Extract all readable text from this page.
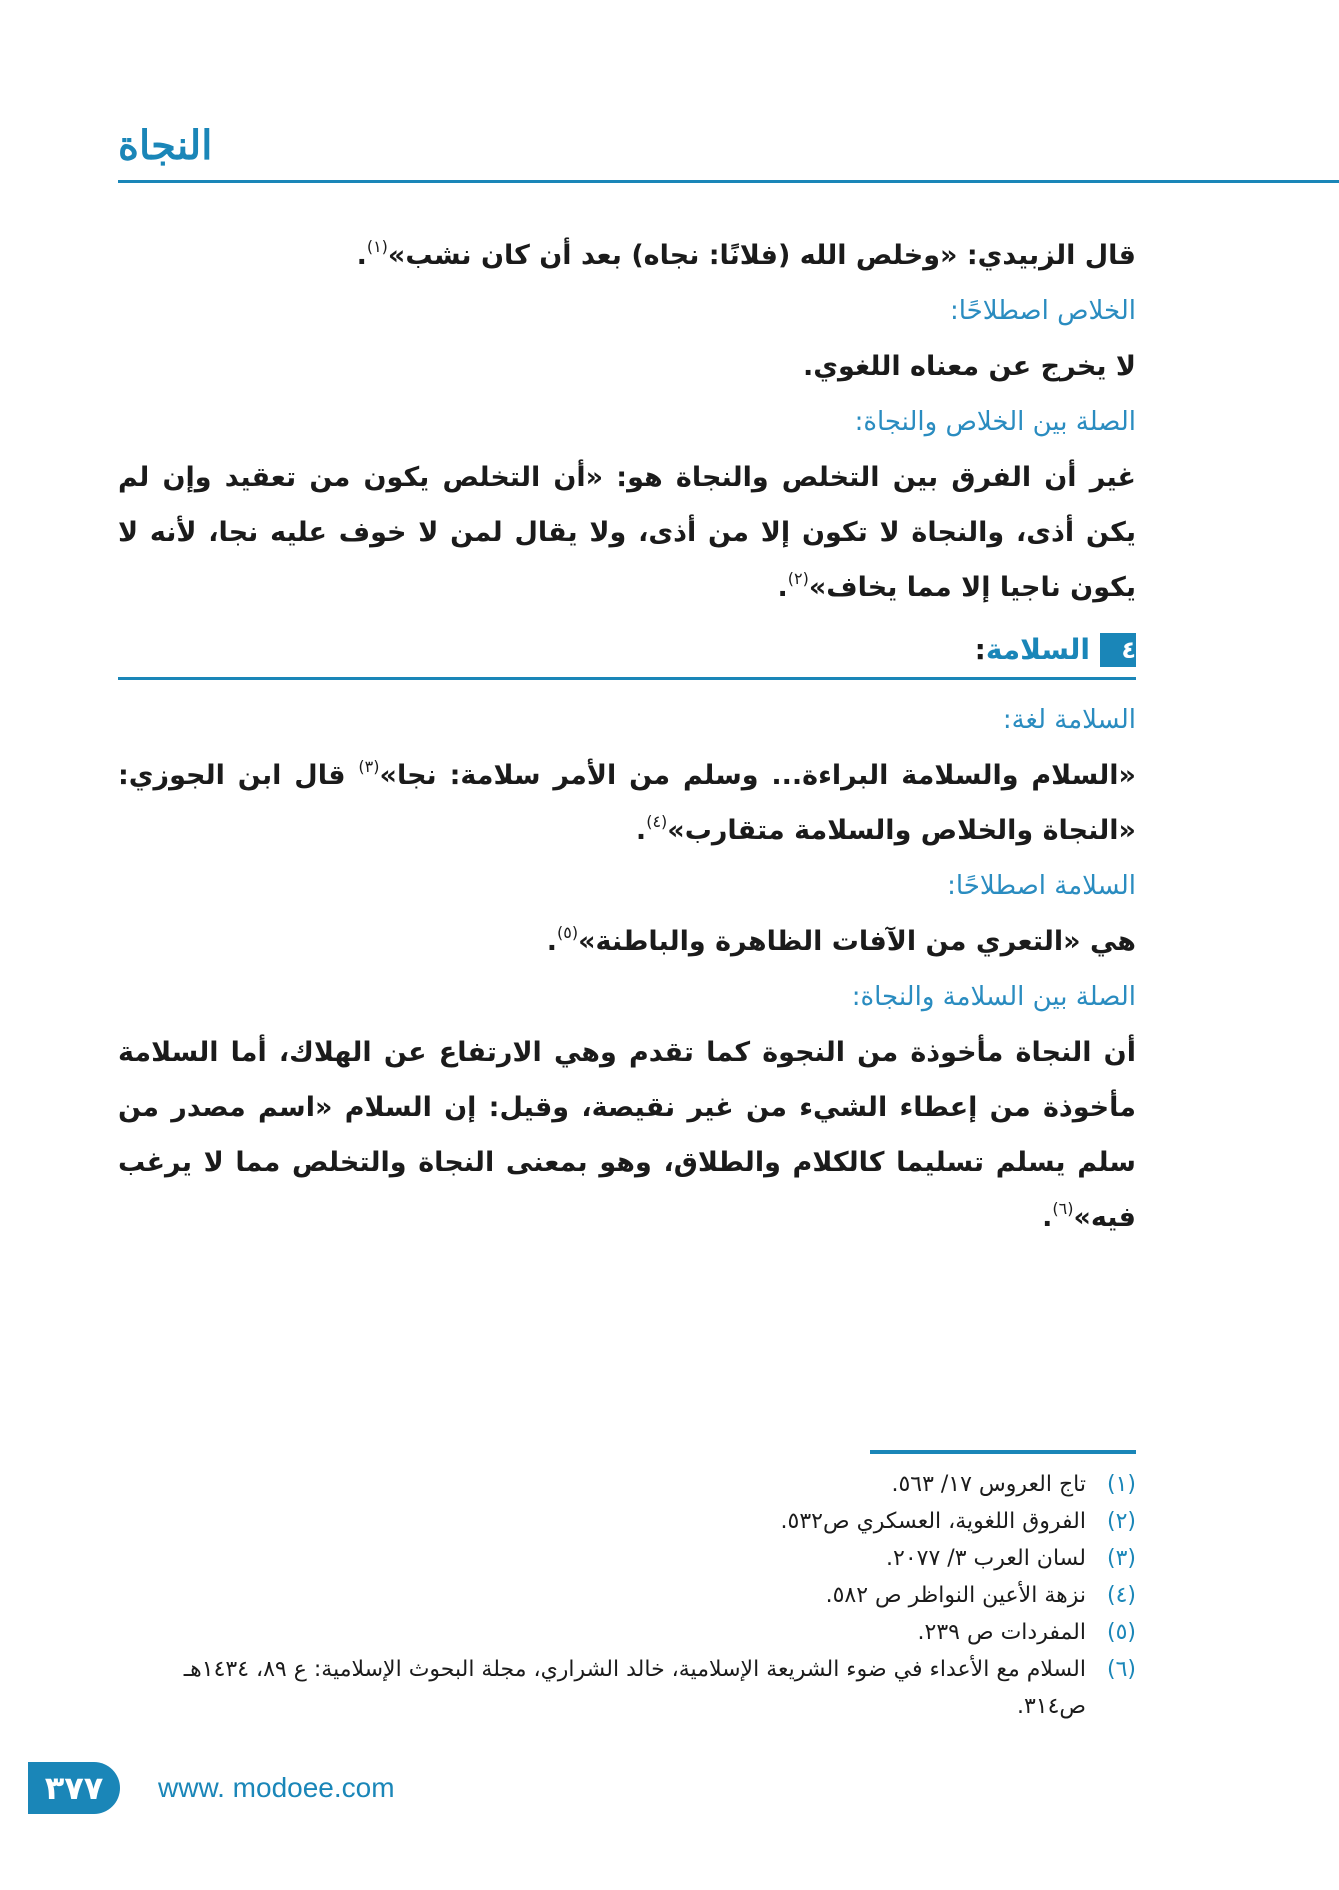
النجاة

قال الزبيدي: «وخلص الله (فلانًا: نجاه) بعد أن كان نشب»$^{(١)}$.

الخلاص اصطلاحًا:

لا يخرج عن معناه اللغوي.

الصلة بين الخلاص والنجاة:

غير أن الفرق بين التخلص والنجاة هو: «أن التخلص يكون من تعقيد وإن لم يكن أذى، والنجاة لا تكون إلا من أذى، ولا يقال لمن لا خوف عليه نجا، لأنه لا يكون ناجيا إلا مما يخاف»$^{(٢)}$.

٤
السلامة:

السلامة لغة:

«السلام والسلامة البراءة... وسلم من الأمر سلامة: نجا»$^{(٣)}$ قال ابن الجوزي: «النجاة والخلاص والسلامة متقارب»$^{(٤)}$.

السلامة اصطلاحًا:

هي «التعري من الآفات الظاهرة والباطنة»$^{(٥)}$.

الصلة بين السلامة والنجاة:

أن النجاة مأخوذة من النجوة كما تقدم وهي الارتفاع عن الهلاك، أما السلامة مأخوذة من إعطاء الشيء من غير نقيصة، وقيل: إن السلام «اسم مصدر من سلم يسلم تسليما كالكلام والطلاق، وهو بمعنى النجاة والتخلص مما لا يرغب فيه»$^{(٦)}$.

(١)
تاج العروس ١٧/ ٥٦٣.
(٢)
الفروق اللغوية، العسكري ص٥٣٢.
(٣)
لسان العرب ٣/ ٢٠٧٧.
(٤)
نزهة الأعين النواظر ص ٥٨٢.
(٥)
المفردات ص ٢٣٩.
(٦)
السلام مع الأعداء في ضوء الشريعة الإسلامية، خالد الشراري، مجلة البحوث الإسلامية: ع ٨٩، ١٤٣٤هـ ص٣١٤.
٣٧٧	www. modoee.com
